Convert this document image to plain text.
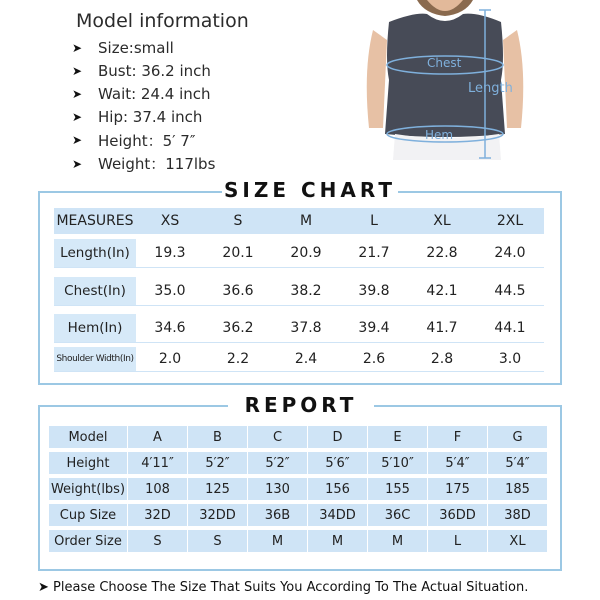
Model information
➤	Size:small
➤	Bust: 36.2 inch
➤	Wait: 24.4 inch
➤	Hip: 37.4 inch
➤	Height：5′ 7″
➤	Weight：117lbs
Chest
Length
Hem
SIZE CHART
MEASURES	XS	S	M	L	XL	2XL
Length(In)	19.3	20.1	20.9	21.7	22.8	24.0
Chest(In)	35.0	36.6	38.2	39.8	42.1	44.5
Hem(In)	34.6	36.2	37.8	39.4	41.7	44.1
Shoulder Width(In)	2.0	2.2	2.4	2.6	2.8	3.0
REPORT
Model	A	B	C	D	E	F	G
Height	4′11″	5′2″	5′2″	5′6″	5′10″	5′4″	5′4″
Weight(lbs)	108	125	130	156	155	175	185
Cup Size	32D	32DD	36B	34DD	36C	36DD	38D
Order Size	S	S	M	M	M	L	XL
➤ Please Choose The Size That Suits You According To The Actual Situation.
